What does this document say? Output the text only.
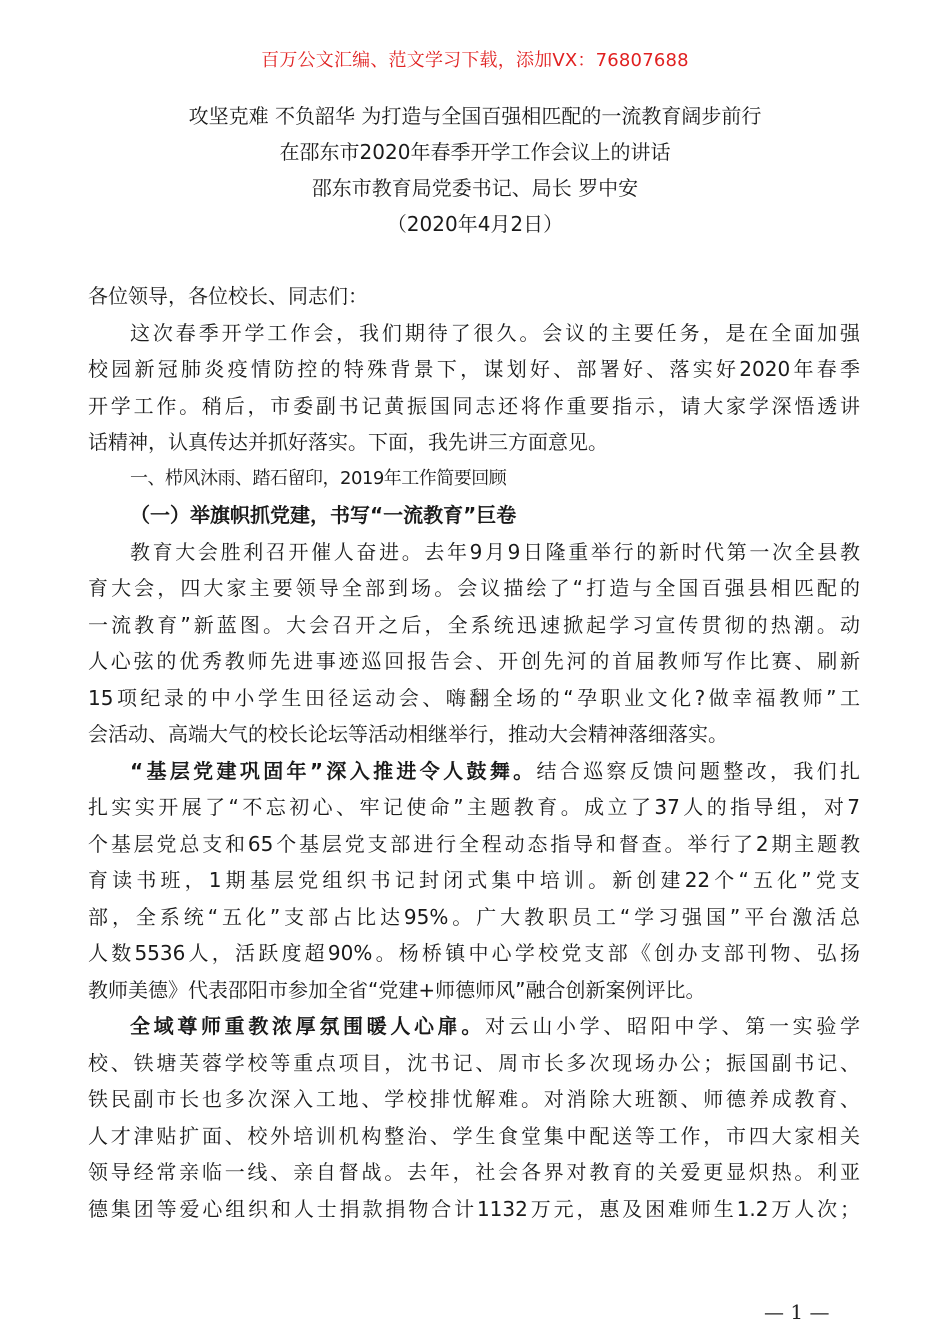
百万公文汇编、范文学习下载，添加VX：76807688
攻坚克难 不负韶华 为打造与全国百强相匹配的一流教育阔步前行
在邵东市2020年春季开学工作会议上的讲话
邵东市教育局党委书记、局长 罗中安
（2020年4月2日）
各位领导，各位校长、同志们：
这次春季开学工作会，我们期待了很久。会议的主要任务，是在全面加强
校园新冠肺炎疫情防控的特殊背景下，谋划好、部署好、落实好2020年春季
开学工作。稍后，市委副书记黄振国同志还将作重要指示，请大家学深悟透讲
话精神，认真传达并抓好落实。下面，我先讲三方面意见。
一、栉风沐雨、踏石留印，2019年工作简要回顾
（一）举旗帜抓党建，书写“一流教育”巨卷
教育大会胜利召开催人奋进。去年9月9日隆重举行的新时代第一次全县教
育大会，四大家主要领导全部到场。会议描绘了“打造与全国百强县相匹配的
一流教育”新蓝图。大会召开之后，全系统迅速掀起学习宣传贯彻的热潮。动
人心弦的优秀教师先进事迹巡回报告会、开创先河的首届教师写作比赛、刷新
15项纪录的中小学生田径运动会、嗨翻全场的“孕职业文化?做幸福教师”工
会活动、高端大气的校长论坛等活动相继举行，推动大会精神落细落实。
“基层党建巩固年”深入推进令人鼓舞。结合巡察反馈问题整改，我们扎
扎实实开展了“不忘初心、牢记使命”主题教育。成立了37人的指导组，对7
个基层党总支和65个基层党支部进行全程动态指导和督查。举行了2期主题教
育读书班，1期基层党组织书记封闭式集中培训。新创建22个“五化”党支
部，全系统“五化”支部占比达95%。广大教职员工“学习强国”平台激活总
人数5536人，活跃度超90%。杨桥镇中心学校党支部《创办支部刊物、弘扬
教师美德》代表邵阳市参加全省“党建+师德师风”融合创新案例评比。
全域尊师重教浓厚氛围暖人心扉。对云山小学、昭阳中学、第一实验学
校、铁塘芙蓉学校等重点项目，沈书记、周市长多次现场办公；振国副书记、
铁民副市长也多次深入工地、学校排忧解难。对消除大班额、师德养成教育、
人才津贴扩面、校外培训机构整治、学生食堂集中配送等工作，市四大家相关
领导经常亲临一线、亲自督战。去年，社会各界对教育的关爱更显炽热。利亚
德集团等爱心组织和人士捐款捐物合计1132万元，惠及困难师生1.2万人次；
— 1 —
